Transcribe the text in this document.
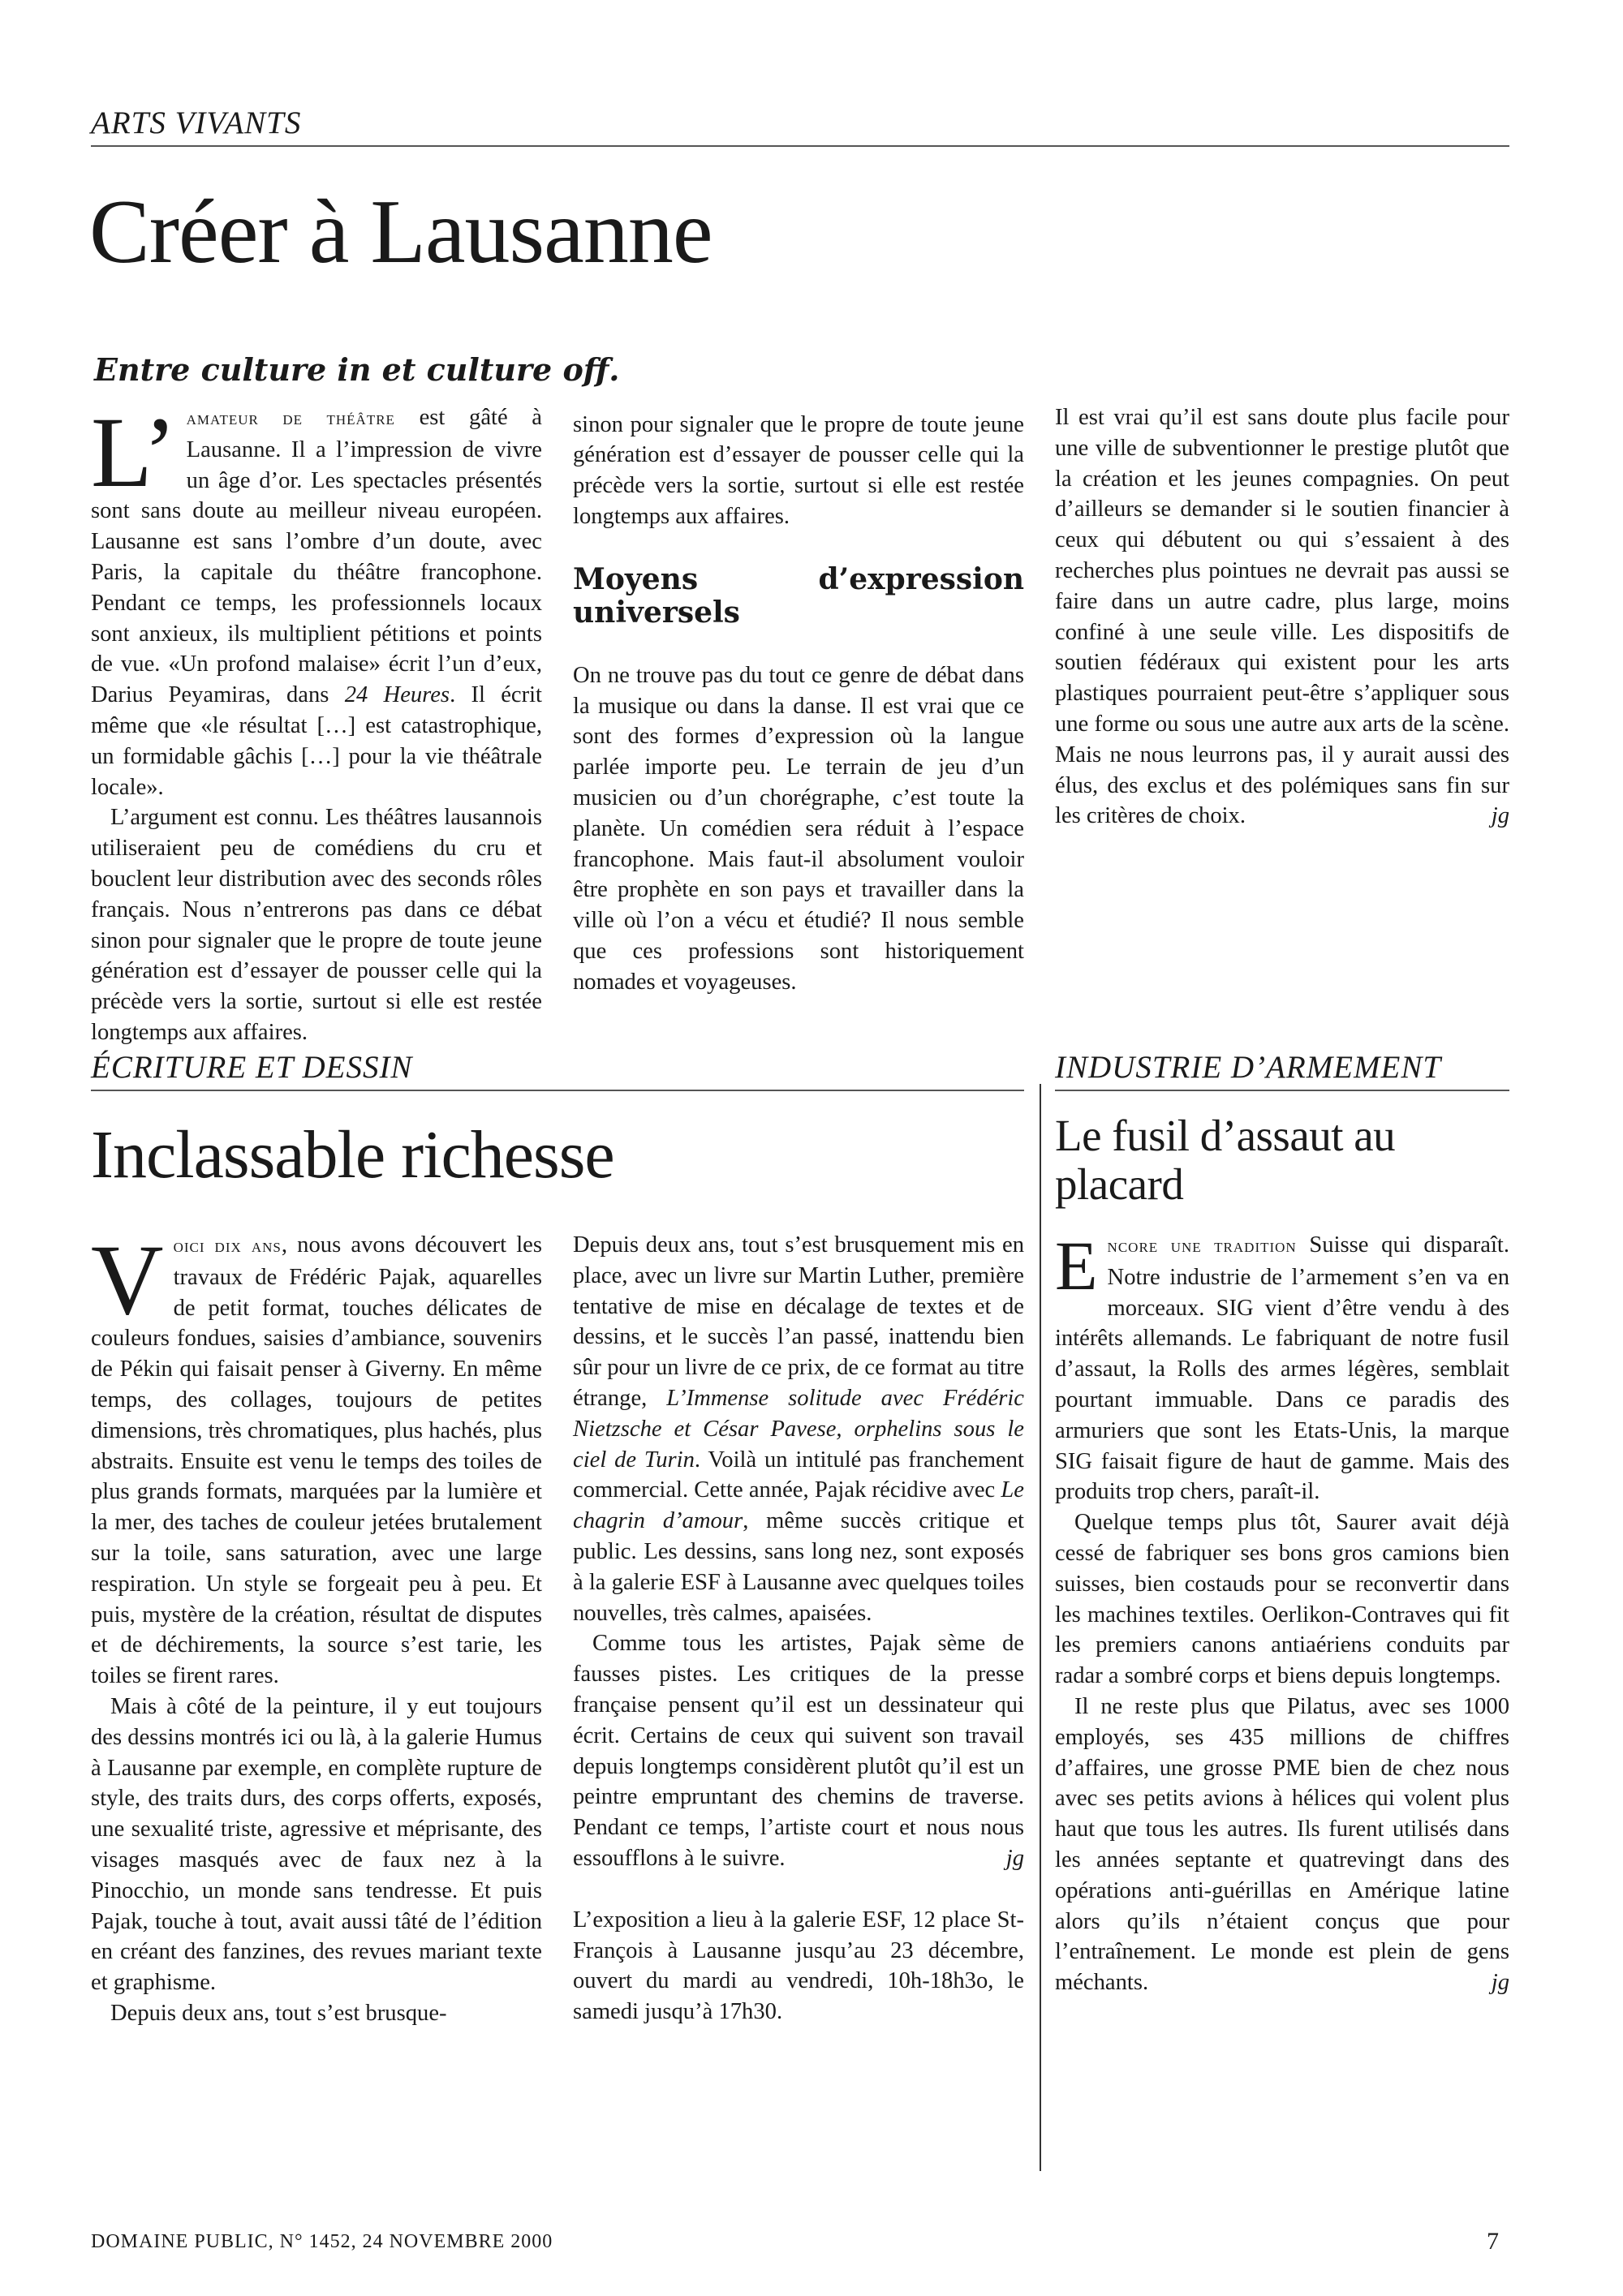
ARTS VIVANTS
Créer à Lausanne
Entre culture in et culture off.

L’ amateur de théâtre est gâté à Lausanne. Il a l’impression de vivre un âge d’or. Les spectacles présentés sont sans doute au meilleur niveau européen. Lausanne est sans l’ombre d’un doute, avec Paris, la capitale du théâtre francophone. Pendant ce temps, les professionnels locaux sont anxieux, ils multiplient pétitions et points de vue. «Un profond malaise» écrit l’un d’eux, Darius Peyamiras, dans 24 Heures. Il écrit même que «le résultat […] est catastrophique, un formidable gâchis […] pour la vie théâtrale locale».

L’argument est connu. Les théâtres lausannois utiliseraient peu de comédiens du cru et bouclent leur distribution avec des seconds rôles français. Nous n’entrerons pas dans ce débat sinon pour signaler que le propre de toute jeune génération est d’essayer de pousser celle qui la précède vers la sortie, surtout si elle est restée longtemps aux affaires.

sinon pour signaler que le propre de toute jeune génération est d’essayer de pousser celle qui la précède vers la sortie, surtout si elle est restée longtemps aux affaires.

Moyens d’expression universels

On ne trouve pas du tout ce genre de débat dans la musique ou dans la danse. Il est vrai que ce sont des formes d’expression où la langue parlée importe peu. Le terrain de jeu d’un musicien ou d’un chorégraphe, c’est toute la planète. Un comédien sera réduit à l’espace francophone. Mais faut-il absolument vouloir être prophète en son pays et travailler dans la ville où l’on a vécu et étudié? Il nous semble que ces professions sont historiquement nomades et voyageuses.

Il est vrai qu’il est sans doute plus facile pour une ville de subventionner le prestige plutôt que la création et les jeunes compagnies. On peut d’ailleurs se demander si le soutien financier à ceux qui débutent ou qui s’essaient à des recherches plus pointues ne devrait pas aussi se faire dans un autre cadre, plus large, moins confiné à une seule ville. Les dispositifs de soutien fédéraux qui existent pour les arts plastiques pourraient peut-être s’appliquer sous une forme ou sous une autre aux arts de la scène. Mais ne nous leurrons pas, il y aurait aussi des élus, des exclus et des polémiques sans fin sur les critères de choix.	jg

ÉCRITURE ET DESSIN
Inclassable richesse

Voici dix ans, nous avons découvert les travaux de Frédéric Pajak, aquarelles de petit format, touches délicates de couleurs fondues, saisies d’ambiance, souvenirs de Pékin qui faisait penser à Giverny. En même temps, des collages, toujours de petites dimensions, très chromatiques, plus hachés, plus abstraits. Ensuite est venu le temps des toiles de plus grands formats, marquées par la lumière et la mer, des taches de couleur jetées brutalement sur la toile, sans saturation, avec une large respiration. Un style se forgeait peu à peu. Et puis, mystère de la création, résultat de disputes et de déchirements, la source s’est tarie, les toiles se firent rares.

Mais à côté de la peinture, il y eut toujours des dessins montrés ici ou là, à la galerie Humus à Lausanne par exemple, en complète rupture de style, des traits durs, des corps offerts, exposés, une sexualité triste, agressive et méprisante, des visages masqués avec de faux nez à la Pinocchio, un monde sans tendresse. Et puis Pajak, touche à tout, avait aussi tâté de l’édition en créant des fanzines, des revues mariant texte et graphisme.

Depuis deux ans, tout s’est brusque-

Depuis deux ans, tout s’est brusquement mis en place, avec un livre sur Martin Luther, première tentative de mise en décalage de textes et de dessins, et le succès l’an passé, inattendu bien sûr pour un livre de ce prix, de ce format au titre étrange, L’Immense solitude avec Frédéric Nietzsche et César Pavese, orphelins sous le ciel de Turin. Voilà un intitulé pas franchement commercial. Cette année, Pajak récidive avec Le chagrin d’amour, même succès critique et public. Les dessins, sans long nez, sont exposés à la galerie ESF à Lausanne avec quelques toiles nouvelles, très calmes, apaisées.

Comme tous les artistes, Pajak sème de fausses pistes. Les critiques de la presse française pensent qu’il est un dessinateur qui écrit. Certains de ceux qui suivent son travail depuis longtemps considèrent plutôt qu’il est un peintre empruntant des chemins de traverse. Pendant ce temps, l’artiste court et nous nous essoufflons à le suivre.	jg

L’exposition a lieu à la galerie ESF, 12 place St-François à Lausanne jusqu’au 23 décembre, ouvert du mardi au vendredi, 10h-18h3o, le samedi jusqu’à 17h30.

INDUSTRIE D’ARMEMENT
Le fusil d’assaut au placard

Encore une tradition Suisse qui disparaît. Notre industrie de l’armement s’en va en morceaux. SIG vient d’être vendu à des intérêts allemands. Le fabriquant de notre fusil d’assaut, la Rolls des armes légères, semblait pourtant immuable. Dans ce paradis des armuriers que sont les Etats-Unis, la marque SIG faisait figure de haut de gamme. Mais des produits trop chers, paraît-il.

Quelque temps plus tôt, Saurer avait déjà cessé de fabriquer ses bons gros camions bien suisses, bien costauds pour se reconvertir dans les machines textiles. Oerlikon-Contraves qui fit les premiers canons antiaériens conduits par radar a sombré corps et biens depuis longtemps.

Il ne reste plus que Pilatus, avec ses 1000 employés, ses 435 millions de chiffres d’affaires, une grosse PME bien de chez nous avec ses petits avions à hélices qui volent plus haut que tous les autres. Ils furent utilisés dans les années septante et quatrevingt dans des opérations anti-guérillas en Amérique latine alors qu’ils n’étaient conçus que pour l’entraînement. Le monde est plein de gens méchants.	jg

DOMAINE PUBLIC, N° 1452, 24 NOVEMBRE 2000	7
